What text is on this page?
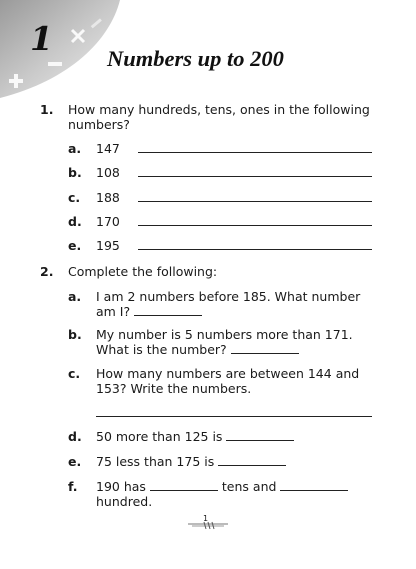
1
Numbers up to 200
1. How many hundreds, tens, ones in the following numbers?
a. 147
b. 108
c. 188
d. 170
e. 195
2. Complete the following:
a. I am 2 numbers before 185. What number
am I?
b. My number is 5 numbers more than 171.
What is the number?
c. How many numbers are between 144 and
153? Write the numbers.
d. 50 more than 125 is
e. 75 less than 175 is
f. 190 has	tens and
hundred.
1
